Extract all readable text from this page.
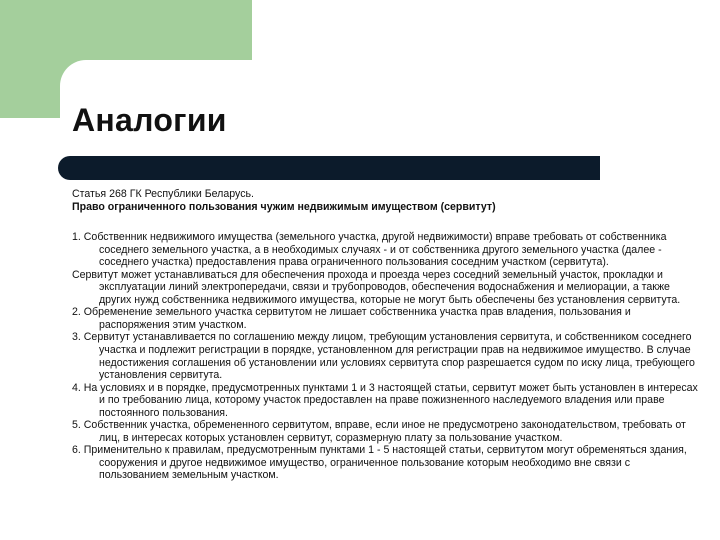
Аналогии

Статья 268 ГК Республики Беларусь.

Право ограниченного пользования чужим недвижимым имуществом (сервитут)

1. Собственник недвижимого имущества (земельного участка, другой недвижимости) вправе требовать от собственника соседнего земельного участка, а в необходимых случаях - и от собственника другого земельного участка (далее - соседнего участка) предоставления права ограниченного пользования соседним участком (сервитута).

Сервитут может устанавливаться для обеспечения прохода и проезда через соседний земельный участок, прокладки и эксплуатации линий электропередачи, связи и трубопроводов, обеспечения водоснабжения и мелиорации, а также других нужд собственника недвижимого имущества, которые не могут быть обеспечены без установления сервитута.

2. Обременение земельного участка сервитутом не лишает собственника участка прав владения, пользования и распоряжения этим участком.

3. Сервитут устанавливается по соглашению между лицом, требующим установления сервитута, и собственником соседнего участка и подлежит регистрации в порядке, установленном для регистрации прав на недвижимое имущество. В случае недостижения соглашения об установлении или условиях сервитута спор разрешается судом по иску лица, требующего установления сервитута.

4. На условиях и в порядке, предусмотренных пунктами 1 и 3 настоящей статьи, сервитут может быть установлен в интересах и по требованию лица, которому участок предоставлен на праве пожизненного наследуемого владения или праве постоянного пользования.

5. Собственник участка, обремененного сервитутом, вправе, если иное не предусмотрено законодательством, требовать от лиц, в интересах которых установлен сервитут, соразмерную плату за пользование участком.

6. Применительно к правилам, предусмотренным пунктами 1 - 5 настоящей статьи, сервитутом могут обременяться здания, сооружения и другое недвижимое имущество, ограниченное пользование которым необходимо вне связи с пользованием земельным участком.
